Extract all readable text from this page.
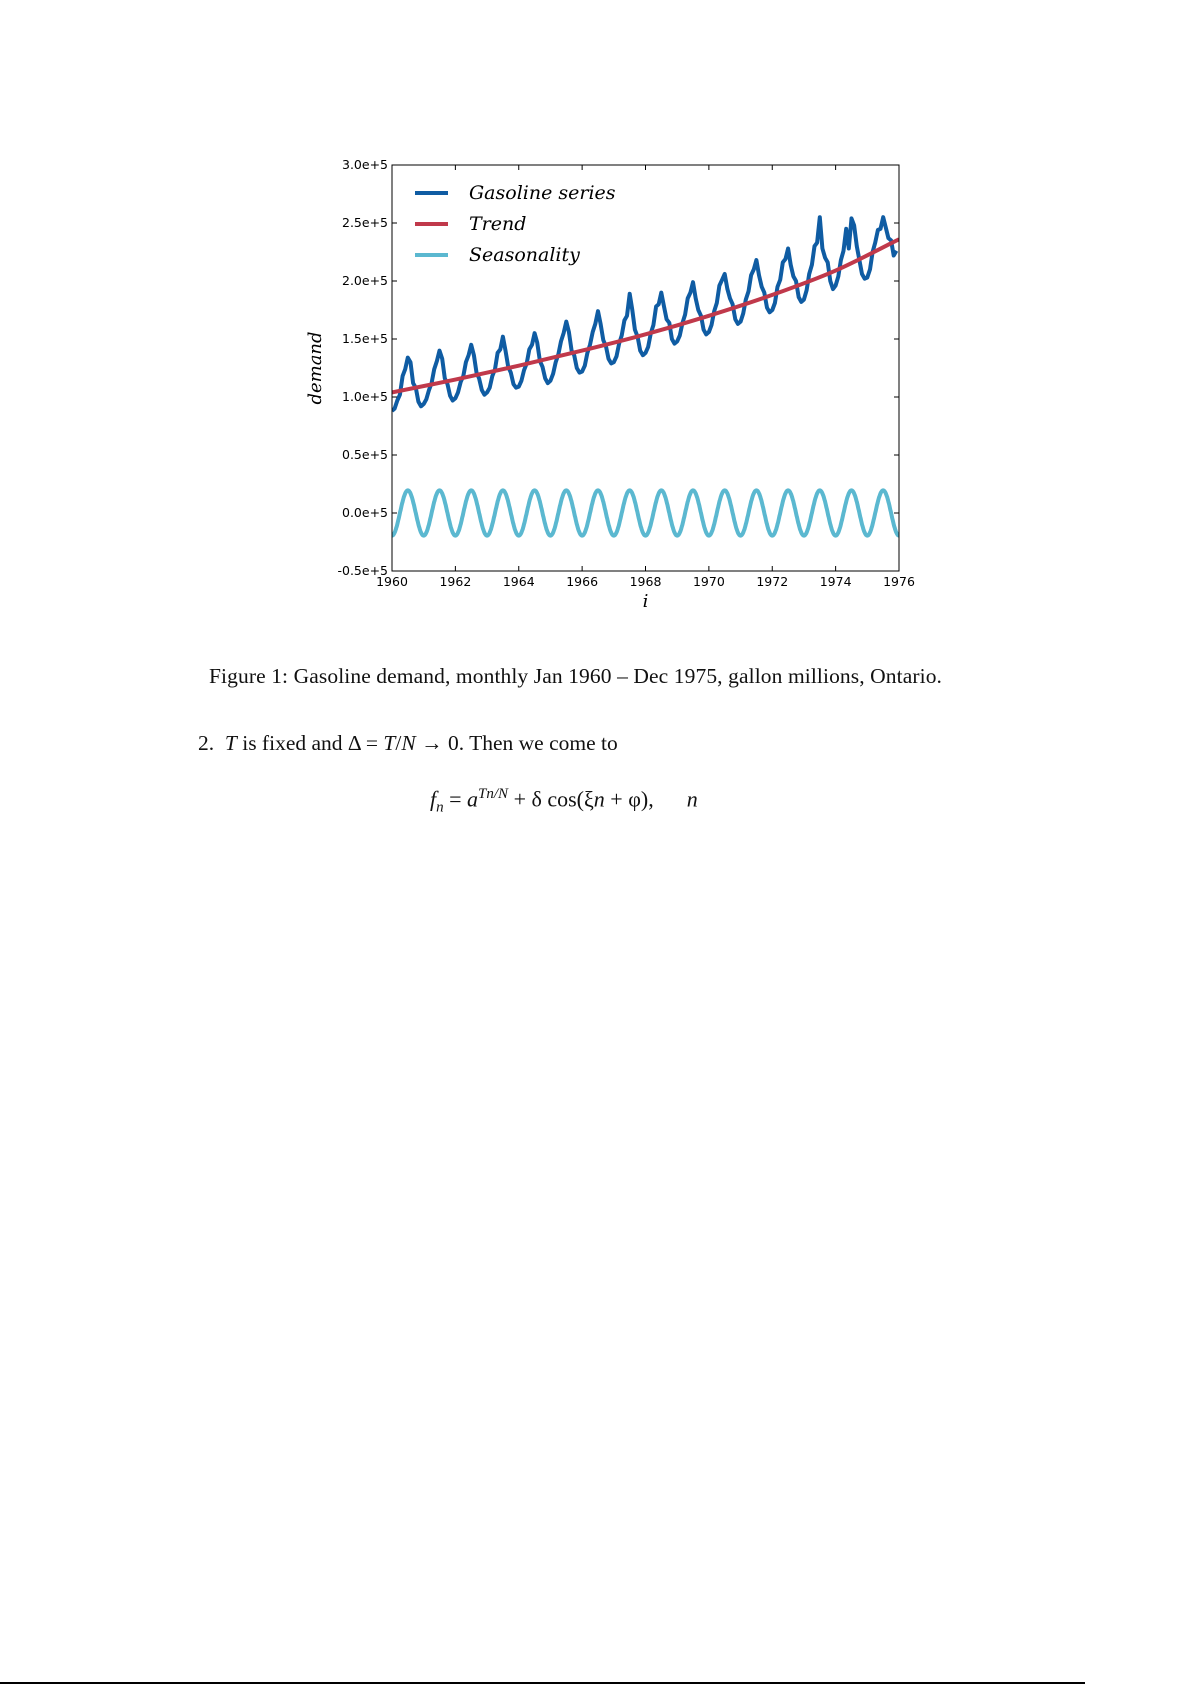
1960	1962	1964	1966	1968	1970	1972	1974	1976
-0.5e+5
0.0e+5
0.5e+5
1.0e+5
1.5e+5
2.0e+5
2.5e+5
3.0e+5
Gasoline series
Trend
Seasonality
i
demand
Figure 1: Gasoline demand, monthly Jan 1960 – Dec 1975, gallon millions, Ontario.
2. T is fixed and Δ = T/N → 0. Then we come to
$f_n = a^{Tn/N} + \delta$ cos(ξn + φ),   n
